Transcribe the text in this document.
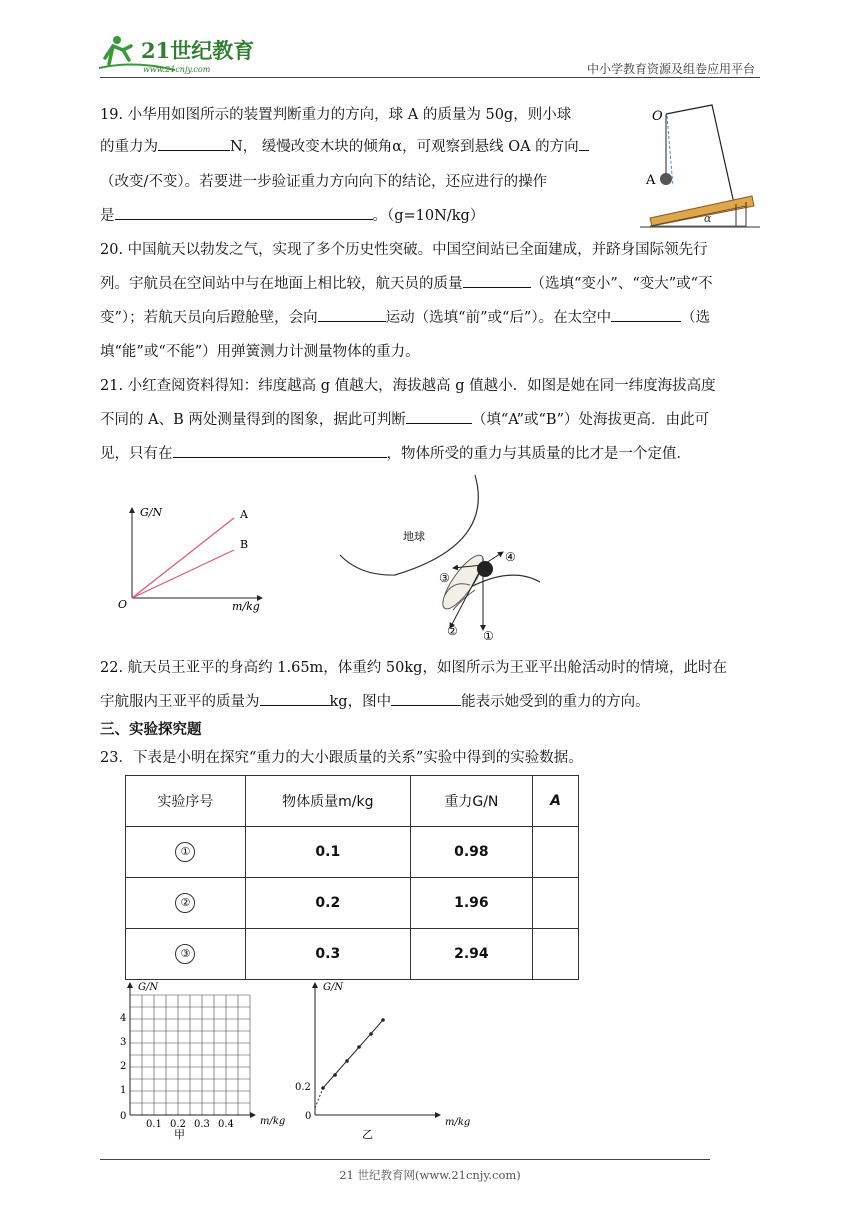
21世纪教育
www.21cnjy.com	中小学教育资源及组卷应用平台
19. 小华用如图所示的装置判断重力的方向，球 A 的质量为 50g，则小球
的重力为	N， 缓慢改变木块的倾角α，可观察到悬线 OA 的方向
（改变/不变）。若要进一步验证重力方向向下的结论，还应进行的操作
是	。（g=10N/kg）
O
A
α
20. 中国航天以勃发之气，实现了多个历史性突破。中国空间站已全面建成，并跻身国际领先行
列。宇航员在空间站中与在地面上相比较，航天员的质量	（选填“变小”、“变大”或“不
变”）；若航天员向后蹬舱壁，会向	运动（选填“前”或“后”）。在太空中	（选
填“能”或“不能”）用弹簧测力计测量物体的重力。
21. 小红查阅资料得知：纬度越高 g 值越大，海拔越高 g 值越小．如图是她在同一纬度海拔高度
不同的 A、B 两处测量得到的图象，据此可判断	（填“A”或“B”）处海拔更高．由此可
见，只有在	，物体所受的重力与其质量的比才是一个定值．
G/N
m/kg
O
A
B
地球
①
②
③
④
22. 航天员王亚平的身高约 1.65m，体重约 50kg，如图所示为王亚平出舱活动时的情境，此时在
宇航服内王亚平的质量为	kg，图中	能表示她受到的重力的方向。
三、实验探究题
23．下表是小明在探究“重力的大小跟质量的关系”实验中得到的实验数据。
实验序号	物体质量m/kg	重力G/N	A
①	0.1	0.98	
②	0.2	1.96	
③	0.3	2.94	
G/N
m/kg
0
1
2
3
4
0.1 0.2 0.3 0.4
甲
G/N
m/kg
0
0.2
乙
21 世纪教育网(www.21cnjy.com)
